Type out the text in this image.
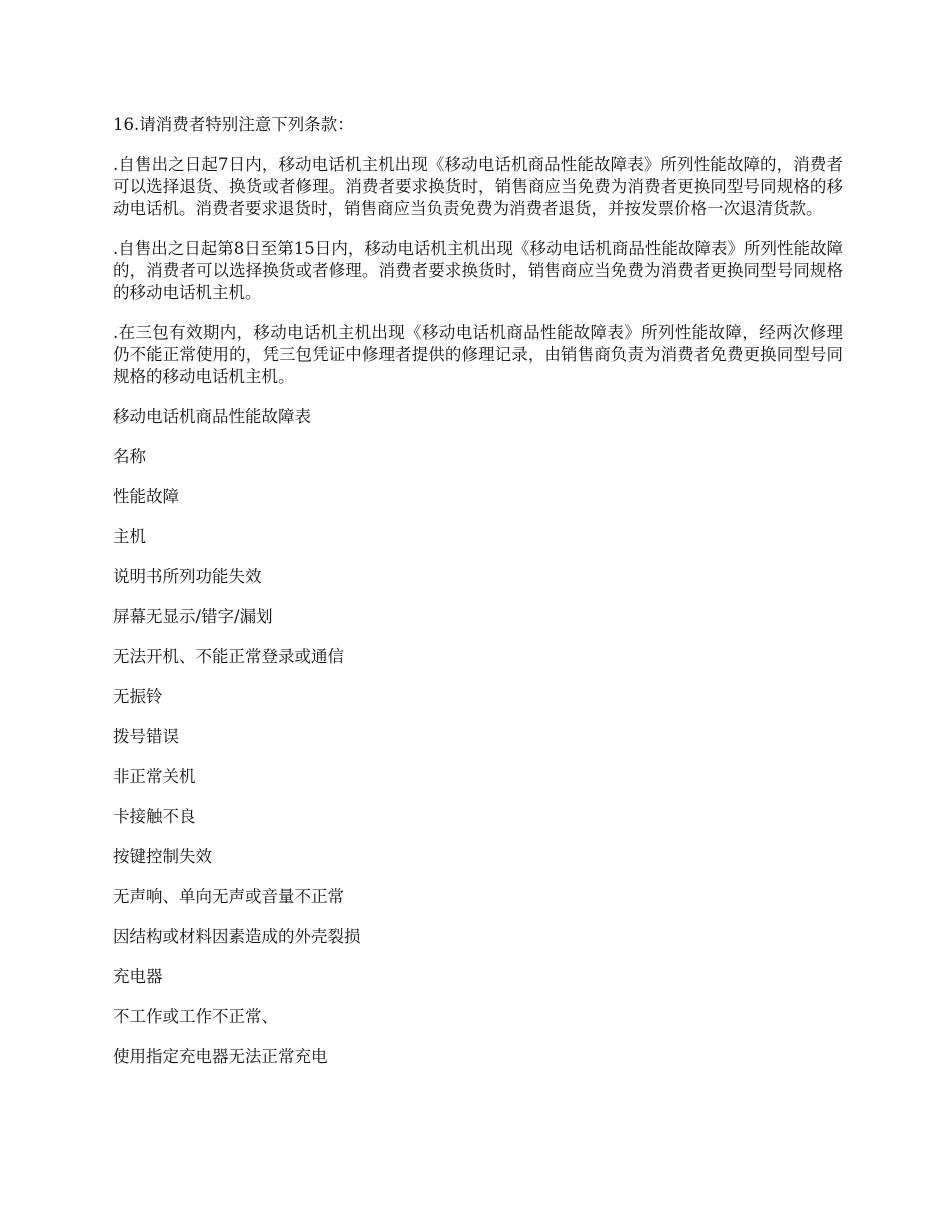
16.请消费者特别注意下列条款：
.自售出之日起7日内，移动电话机主机出现《移动电话机商品性能故障表》所列性能故障的，消费者可以选择退货、换货或者修理。消费者要求换货时，销售商应当免费为消费者更换同型号同规格的移动电话机。消费者要求退货时，销售商应当负责免费为消费者退货，并按发票价格一次退清货款。
.自售出之日起第8日至第15日内，移动电话机主机出现《移动电话机商品性能故障表》所列性能故障的，消费者可以选择换货或者修理。消费者要求换货时，销售商应当免费为消费者更换同型号同规格的移动电话机主机。
.在三包有效期内，移动电话机主机出现《移动电话机商品性能故障表》所列性能故障，经两次修理仍不能正常使用的，凭三包凭证中修理者提供的修理记录，由销售商负责为消费者免费更换同型号同规格的移动电话机主机。
移动电话机商品性能故障表
名称
性能故障
主机
说明书所列功能失效
屏幕无显示/错字/漏划
无法开机、不能正常登录或通信
无振铃
拨号错误
非正常关机
卡接触不良
按键控制失效
无声响、单向无声或音量不正常
因结构或材料因素造成的外壳裂损
充电器
不工作或工作不正常、
使用指定充电器无法正常充电
